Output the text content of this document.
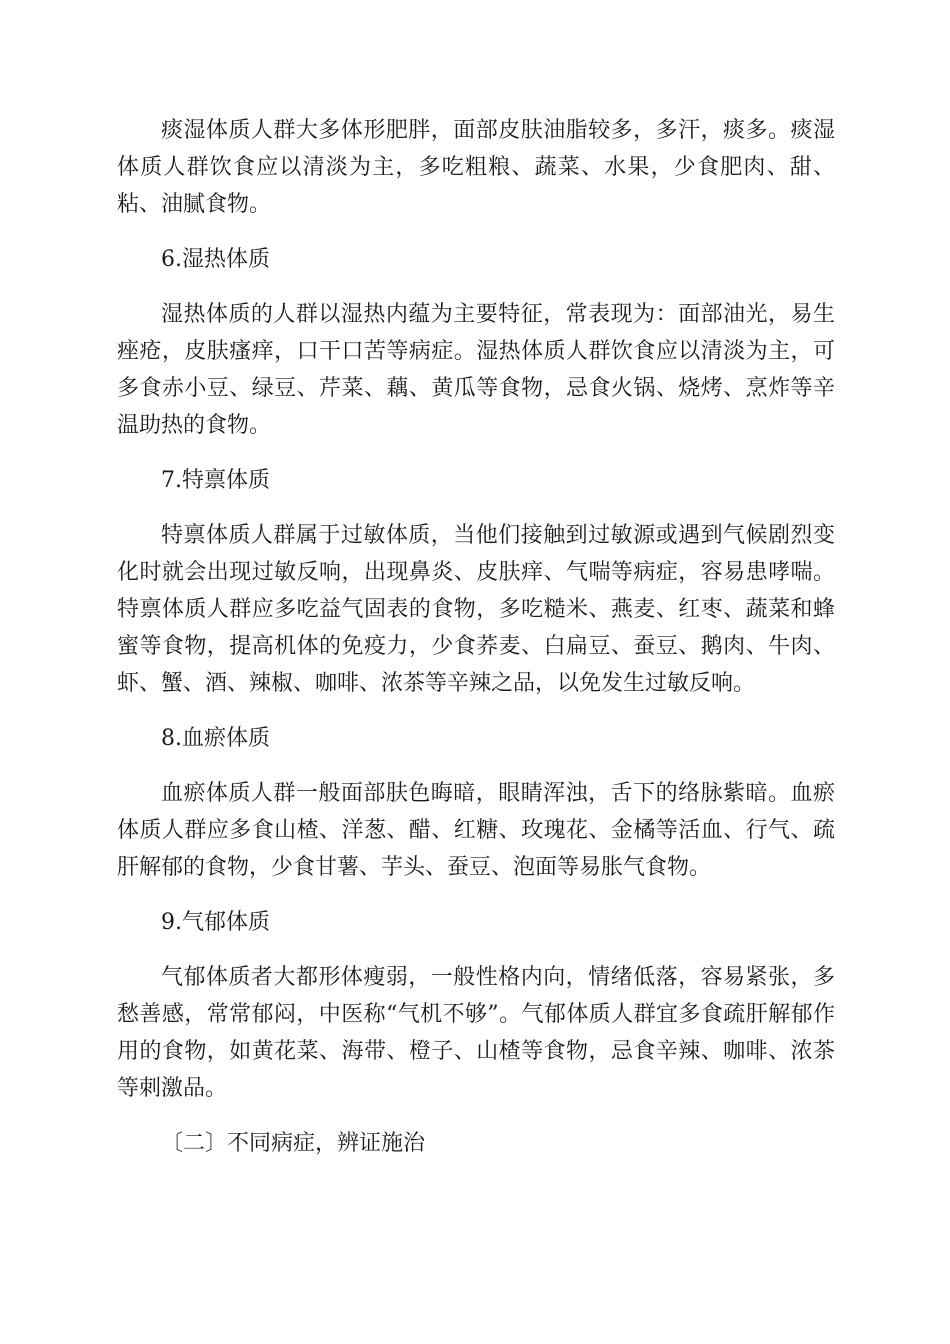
痰湿体质人群大多体形肥胖，面部皮肤油脂较多，多汗，痰多。痰湿体质人群饮食应以清淡为主，多吃粗粮、蔬菜、水果，少食肥肉、甜、粘、油腻食物。

6.湿热体质

湿热体质的人群以湿热内蕴为主要特征，常表现为：面部油光，易生痤疮，皮肤瘙痒，口干口苦等病症。湿热体质人群饮食应以清淡为主，可多食赤小豆、绿豆、芹菜、藕、黄瓜等食物，忌食火锅、烧烤、烹炸等辛温助热的食物。

7.特禀体质

特禀体质人群属于过敏体质，当他们接触到过敏源或遇到气候剧烈变化时就会出现过敏反响，出现鼻炎、皮肤痒、气喘等病症，容易患哮喘。特禀体质人群应多吃益气固表的食物，多吃糙米、燕麦、红枣、蔬菜和蜂蜜等食物，提高机体的免疫力，少食荞麦、白扁豆、蚕豆、鹅肉、牛肉、虾、蟹、酒、辣椒、咖啡、浓茶等辛辣之品，以免发生过敏反响。

8.血瘀体质

血瘀体质人群一般面部肤色晦暗，眼睛浑浊，舌下的络脉紫暗。血瘀体质人群应多食山楂、洋葱、醋、红糖、玫瑰花、金橘等活血、行气、疏肝解郁的食物，少食甘薯、芋头、蚕豆、泡面等易胀气食物。

9.气郁体质

气郁体质者大都形体瘦弱，一般性格内向，情绪低落，容易紧张，多愁善感，常常郁闷，中医称“气机不够”。气郁体质人群宜多食疏肝解郁作用的食物，如黄花菜、海带、橙子、山楂等食物，忌食辛辣、咖啡、浓茶等刺激品。

〔二〕不同病症，辨证施治
